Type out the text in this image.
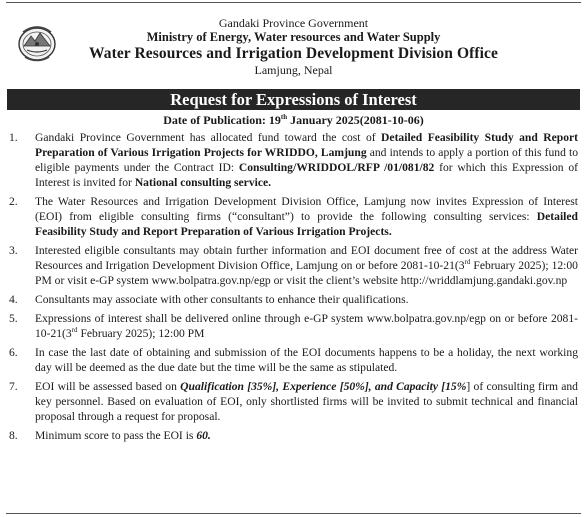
Gandaki Province Government
Ministry of Energy, Water resources and Water Supply
Water Resources and Irrigation Development Division Office
Lamjung, Nepal
Request for Expressions of Interest
Date of Publication: 19th January 2025(2081-10-06)
1. Gandaki Province Government has allocated fund toward the cost of Detailed Feasibility Study and Report Preparation of Various Irrigation Projects for WRIDDO, Lamjung and intends to apply a portion of this fund to eligible payments under the Contract ID: Consulting/WRIDDOL/RFP /01/081/82 for which this Expression of Interest is invited for National consulting service.
2. The Water Resources and Irrigation Development Division Office, Lamjung now invites Expression of Interest (EOI) from eligible consulting firms (“consultant”) to provide the following consulting services: Detailed Feasibility Study and Report Preparation of Various Irrigation Projects.
3. Interested eligible consultants may obtain further information and EOI document free of cost at the address Water Resources and Irrigation Development Division Office, Lamjung on or before 2081-10-21(3rd February 2025); 12:00 PM or visit e-GP system www.bolpatra.gov.np/egp or visit the client’s website http://wriddlamjung.gandaki.gov.np
4. Consultants may associate with other consultants to enhance their qualifications.
5. Expressions of interest shall be delivered online through e-GP system www.bolpatra.gov.np/egp on or before 2081-10-21(3rd February 2025); 12:00 PM
6. In case the last date of obtaining and submission of the EOI documents happens to be a holiday, the next working day will be deemed as the due date but the time will be the same as stipulated.
7. EOI will be assessed based on Qualification [35%], Experience [50%], and Capacity [15%] of consulting firm and key personnel. Based on evaluation of EOI, only shortlisted firms will be invited to submit technical and financial proposal through a request for proposal.
8. Minimum score to pass the EOI is 60.
